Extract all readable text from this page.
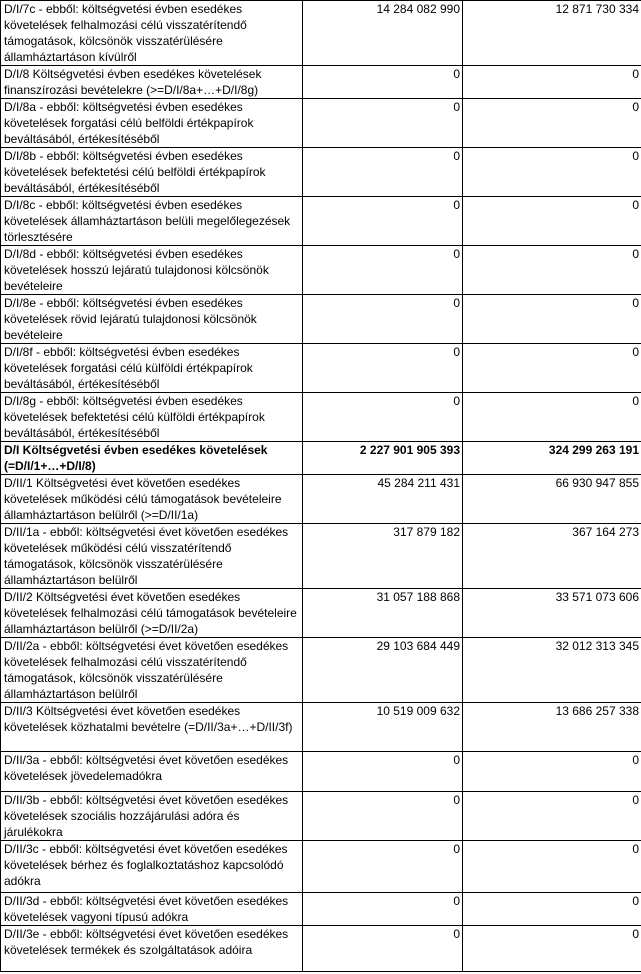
D/I/7c - ebből: költségvetési évben esedékes követelések felhalmozási célú visszatérítendő támogatások, kölcsönök visszatérülésére államháztartáson kívülről	14 284 082 990	12 871 730 334
D/I/8 Költségvetési évben esedékes követelések finanszírozási bevételekre (>=D/I/8a+…+D/I/8g)	0	0
D/I/8a - ebből: költségvetési évben esedékes követelések forgatási célú belföldi értékpapírok beváltásából, értékesítéséből	0	0
D/I/8b - ebből: költségvetési évben esedékes követelések befektetési célú belföldi értékpapírok beváltásából, értékesítéséből	0	0
D/I/8c - ebből: költségvetési évben esedékes követelések államháztartáson belüli megelőlegezések törlesztésére	0	0
D/I/8d - ebből: költségvetési évben esedékes követelések hosszú lejáratú tulajdonosi kölcsönök bevételeire	0	0
D/I/8e - ebből: költségvetési évben esedékes követelések rövid lejáratú tulajdonosi kölcsönök bevételeire	0	0
D/I/8f - ebből: költségvetési évben esedékes követelések forgatási célú külföldi értékpapírok beváltásából, értékesítéséből	0	0
D/I/8g - ebből: költségvetési évben esedékes követelések befektetési célú külföldi értékpapírok beváltásából, értékesítéséből	0	0
D/I Költségvetési évben esedékes követelések (=D/I/1+…+D/I/8)	2 227 901 905 393	324 299 263 191
D/II/1 Költségvetési évet követően esedékes követelések működési célú támogatások bevételeire államháztartáson belülről (>=D/II/1a)	45 284 211 431	66 930 947 855
D/II/1a - ebből: költségvetési évet követően esedékes követelések működési célú visszatérítendő támogatások, kölcsönök visszatérülésére államháztartáson belülről	317 879 182	367 164 273
D/II/2 Költségvetési évet követően esedékes követelések felhalmozási célú támogatások bevételeire államháztartáson belülről (>=D/II/2a)	31 057 188 868	33 571 073 606
D/II/2a - ebből: költségvetési évet követően esedékes követelések felhalmozási célú visszatérítendő támogatások, kölcsönök visszatérülésére államháztartáson belülről	29 103 684 449	32 012 313 345
D/II/3 Költségvetési évet követően esedékes követelések közhatalmi bevételre (=D/II/3a+…+D/II/3f)	10 519 009 632	13 686 257 338
D/II/3a - ebből: költségvetési évet követően esedékes követelések jövedelemadókra	0	0
D/II/3b - ebből: költségvetési évet követően esedékes követelések szociális hozzájárulási adóra és járulékokra	0	0
D/II/3c - ebből: költségvetési évet követően esedékes követelések bérhez és foglalkoztatáshoz kapcsolódó adókra	0	0
D/II/3d - ebből: költségvetési évet követően esedékes követelések vagyoni típusú adókra	0	0
D/II/3e - ebből: költségvetési évet követően esedékes követelések termékek és szolgáltatások adóira	0	0
